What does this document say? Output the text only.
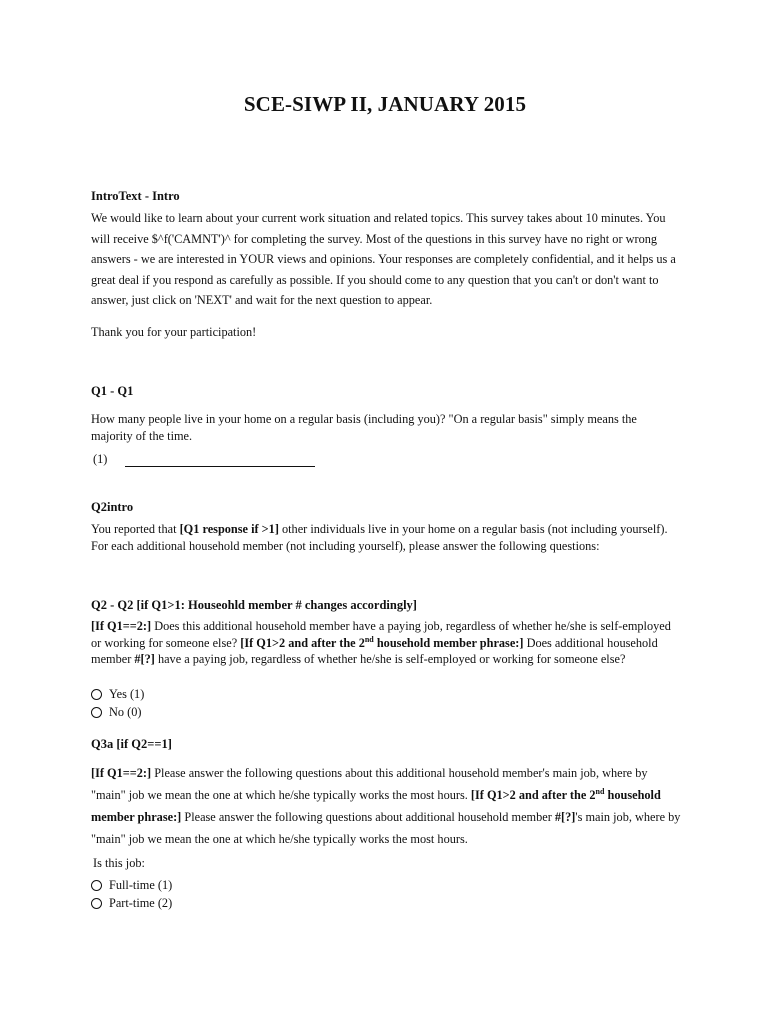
SCE-SIWP II, JANUARY 2015
IntroText - Intro
We would like to learn about your current work situation and related topics. This survey takes about 10 minutes. You will receive $^f('CAMNT')^ for completing the survey. Most of the questions in this survey have no right or wrong answers - we are interested in YOUR views and opinions. Your responses are completely confidential, and it helps us a great deal if you respond as carefully as possible. If you should come to any question that you can't or don't want to answer, just click on 'NEXT' and wait for the next question to appear.
Thank you for your participation!
Q1 - Q1
How many people live in your home on a regular basis (including you)? "On a regular basis" simply means the majority of the time.
(1)
Q2intro
You reported that [Q1 response if >1] other individuals live in your home on a regular basis (not including yourself). For each additional household member (not including yourself), please answer the following questions:
Q2 - Q2 [if Q1>1: Houseohld member # changes accordingly]
[If Q1==2:] Does this additional household member have a paying job, regardless of whether he/she is self-employed or working for someone else? [If Q1>2 and after the 2nd household member phrase:] Does additional household member #[?] have a paying job, regardless of whether he/she is self-employed or working for someone else?
Yes (1)
No (0)
Q3a [if Q2==1]
[If Q1==2:] Please answer the following questions about this additional household member's main job, where by "main" job we mean the one at which he/she typically works the most hours. [If Q1>2 and after the 2nd household member phrase:] Please answer the following questions about additional household member #[?]'s main job, where by "main" job we mean the one at which he/she typically works the most hours.
Is this job:
Full-time (1)
Part-time (2)
